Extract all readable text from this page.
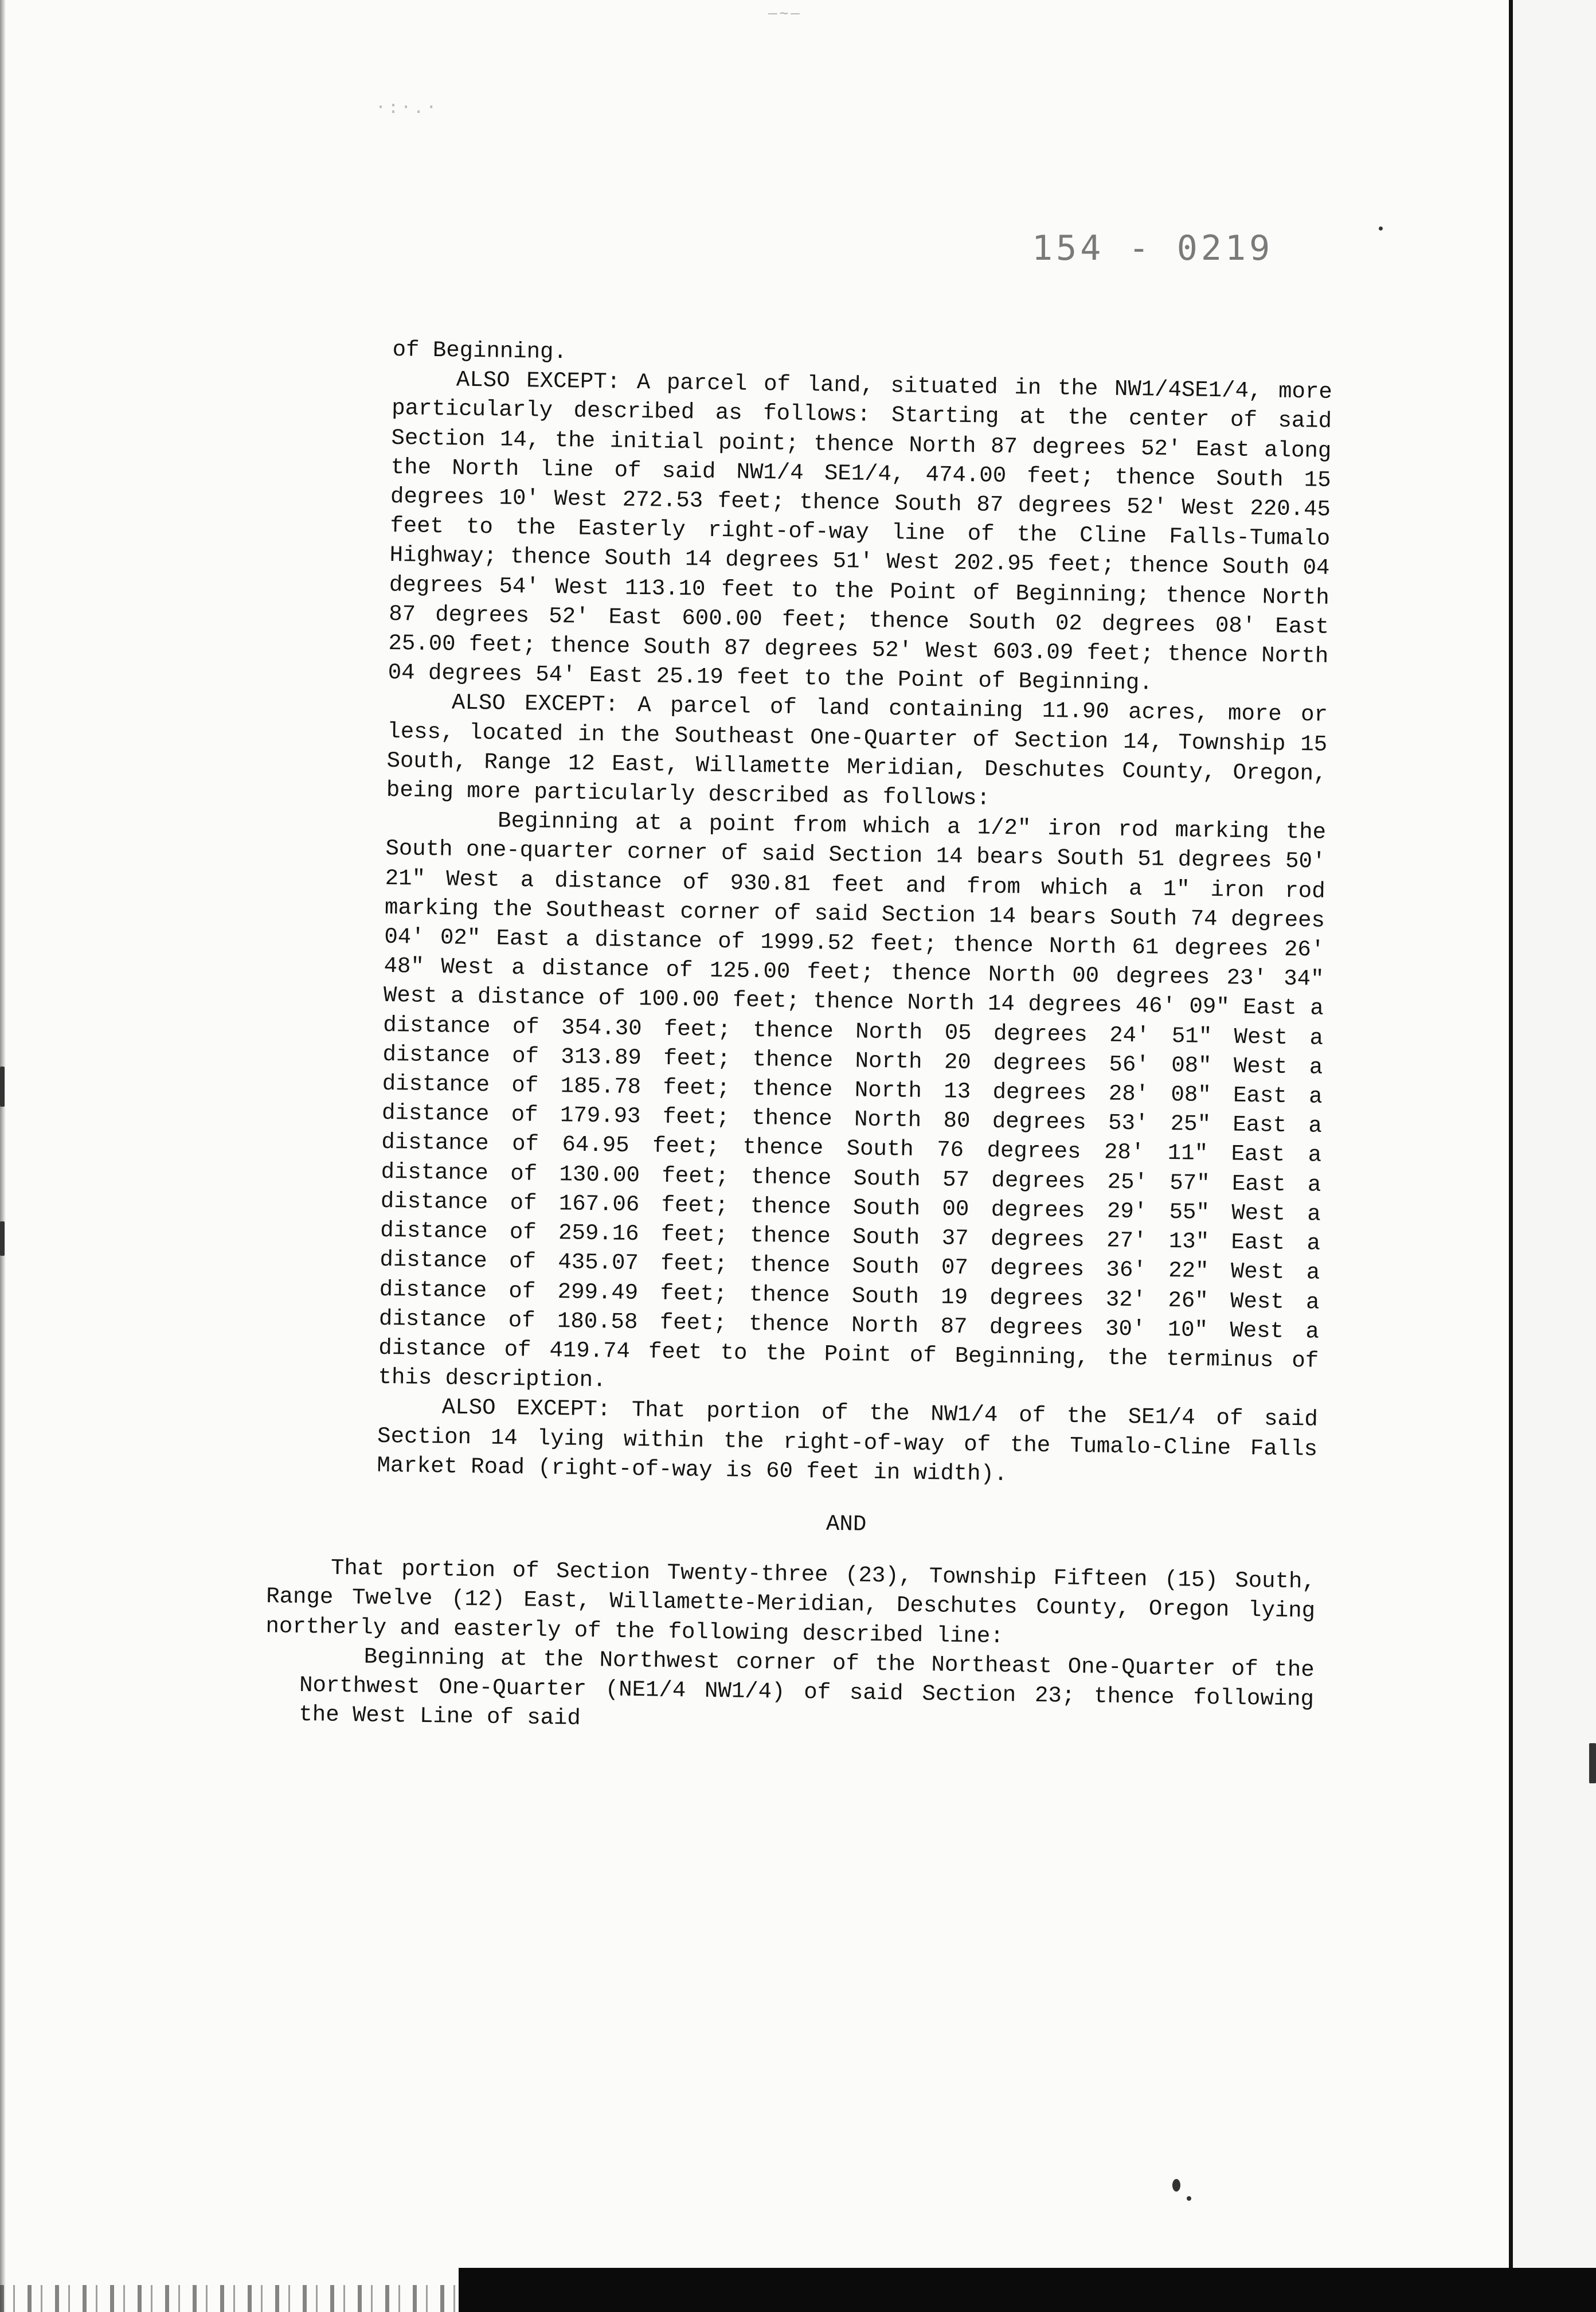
·:·.·
—~—
154 - 0219

of Beginning.

ALSO EXCEPT: A parcel of land, situated in the NW1/4SE1/4, more particularly described as follows: Starting at the center of said Section 14, the initial point; thence North 87 degrees 52' East along the North line of said NW1/4 SE1/4, 474.00 feet; thence South 15 degrees 10' West 272.53 feet; thence South 87 degrees 52' West 220.45 feet to the Easterly right-of-way line of the Cline Falls-Tumalo Highway; thence South 14 degrees 51' West 202.95 feet; thence South 04 degrees 54' West 113.10 feet to the Point of Beginning; thence North 87 degrees 52' East 600.00 feet; thence South 02 degrees 08' East 25.00 feet; thence South 87 degrees 52' West 603.09 feet; thence North 04 degrees 54' East 25.19 feet to the Point of Beginning.

ALSO EXCEPT: A parcel of land containing 11.90 acres, more or less, located in the Southeast One-Quarter of Section 14, Township 15 South, Range 12 East, Willamette Meridian, Deschutes County, Oregon, being more particularly described as follows:

Beginning at a point from which a 1/2" iron rod marking the South one-quarter corner of said Section 14 bears South 51 degrees 50' 21" West a distance of 930.81 feet and from which a 1" iron rod marking the Southeast corner of said Section 14 bears South 74 degrees 04' 02" East a distance of 1999.52 feet; thence North 61 degrees 26' 48" West a distance of 125.00 feet; thence North 00 degrees 23' 34" West a distance of 100.00 feet; thence North 14 degrees 46' 09" East a distance of 354.30 feet; thence North 05 degrees 24' 51" West a distance of 313.89 feet; thence North 20 degrees 56' 08" West a distance of 185.78 feet; thence North 13 degrees 28' 08" East a distance of 179.93 feet; thence North 80 degrees 53' 25" East a distance of 64.95 feet; thence South 76 degrees 28' 11" East a distance of 130.00 feet; thence South 57 degrees 25' 57" East a distance of 167.06 feet; thence South 00 degrees 29' 55" West a distance of 259.16 feet; thence South 37 degrees 27' 13" East a distance of 435.07 feet; thence South 07 degrees 36' 22" West a distance of 299.49 feet; thence South 19 degrees 32' 26" West a distance of 180.58 feet; thence North 87 degrees 30' 10" West a distance of 419.74 feet to the Point of Beginning, the terminus of this description.

ALSO EXCEPT: That portion of the NW1/4 of the SE1/4 of said Section 14 lying within the right-of-way of the Tumalo-Cline Falls Market Road (right-of-way is 60 feet in width).

AND

That portion of Section Twenty-three (23), Township Fifteen (15) South, Range Twelve (12) East, Willamette-Meridian, Deschutes County, Oregon lying northerly and easterly of the following described line:

Beginning at the Northwest corner of the Northeast One-Quarter of the Northwest One-Quarter (NE1/4 NW1/4) of said Section 23; thence following the West Line of said
